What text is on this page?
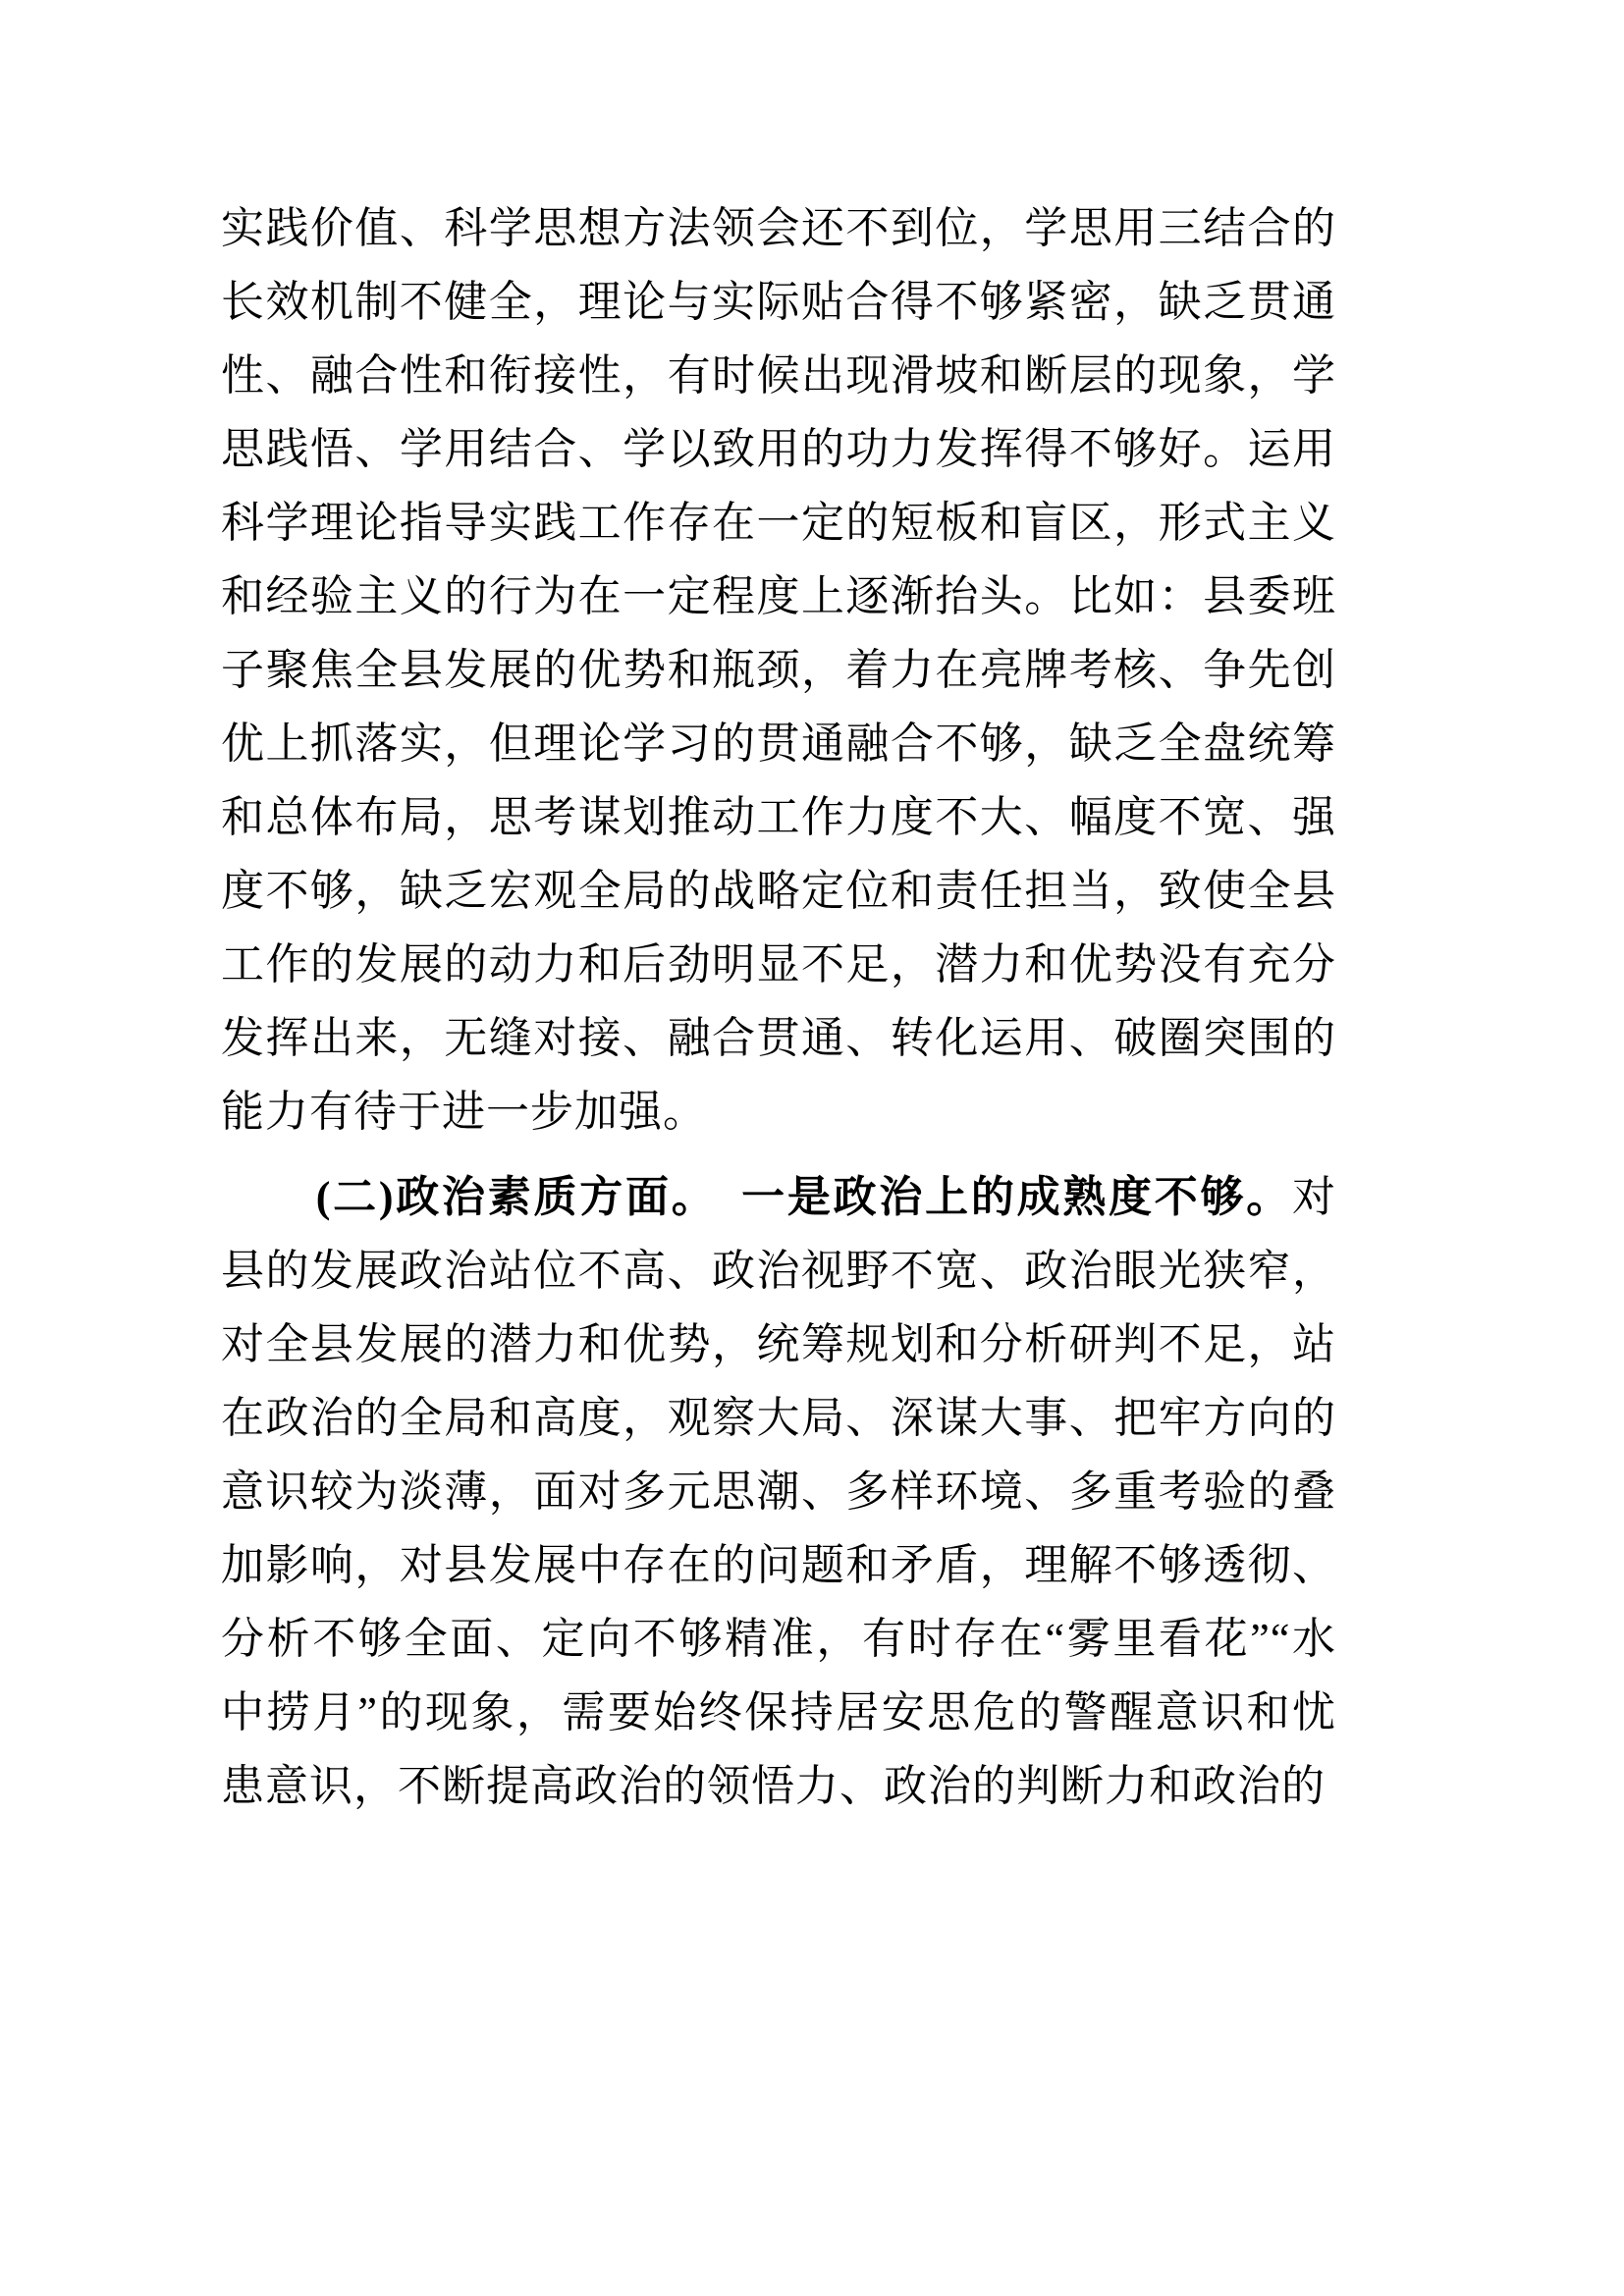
实践价值、科学思想方法领会还不到位，学思用三结合的长效机制不健全，理论与实际贴合得不够紧密，缺乏贯通性、融合性和衔接性，有时候出现滑坡和断层的现象，学思践悟、学用结合、学以致用的功力发挥得不够好。运用科学理论指导实践工作存在一定的短板和盲区，形式主义和经验主义的行为在一定程度上逐渐抬头。比如：县委班子聚焦全县发展的优势和瓶颈，着力在亮牌考核、争先创优上抓落实，但理论学习的贯通融合不够，缺乏全盘统筹和总体布局，思考谋划推动工作力度不大、幅度不宽、强度不够，缺乏宏观全局的战略定位和责任担当，致使全县工作的发展的动力和后劲明显不足，潜力和优势没有充分发挥出来，无缝对接、融合贯通、转化运用、破圈突围的能力有待于进一步加强。

(二)政治素质方面。　一是政治上的成熟度不够。对县的发展政治站位不高、政治视野不宽、政治眼光狭窄，对全县发展的潜力和优势，统筹规划和分析研判不足，站在政治的全局和高度，观察大局、深谋大事、把牢方向的意识较为淡薄，面对多元思潮、多样环境、多重考验的叠加影响，对县发展中存在的问题和矛盾，理解不够透彻、分析不够全面、定向不够精准，有时存在“雾里看花”“水中捞月”的现象，需要始终保持居安思危的警醒意识和忧患意识，不断提高政治的领悟力、政治的判断力和政治的
